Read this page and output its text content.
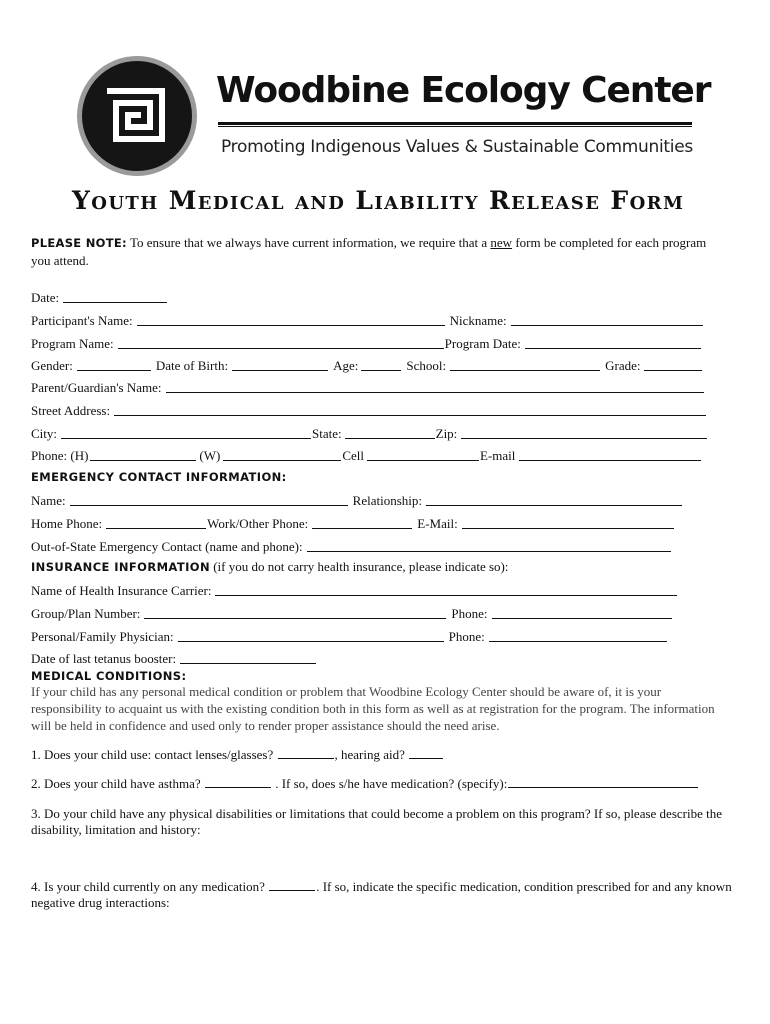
Woodbine Ecology Center
Promoting Indigenous Values & Sustainable Communities
Youth Medical and Liability Release Form
PLEASE NOTE: To ensure that we always have current information, we require that a new form be completed for each program you attend.
Date:
Participant's Name:	Nickname:
Program Name:	Program Date:
Gender:	Date of Birth:	Age:	School:	Grade:
Parent/Guardian's Name:
Street Address:
City:	State:	Zip:
Phone: (H)	(W)	Cell	E-mail
EMERGENCY CONTACT INFORMATION:
Name:	Relationship:
Home Phone:	Work/Other Phone:	E-Mail:
Out-of-State Emergency Contact (name and phone):
INSURANCE INFORMATION (if you do not carry health insurance, please indicate so):
Name of Health Insurance Carrier:
Group/Plan Number:	Phone:
Personal/Family Physician:	Phone:
Date of last tetanus booster:
MEDICAL CONDITIONS:
If your child has any personal medical condition or problem that Woodbine Ecology Center should be aware of, it is your responsibility to acquaint us with the existing condition both in this form as well as at registration for the program. The information will be held in confidence and used only to render proper assistance should the need arise.
1. Does your child use: contact lenses/glasses?	, hearing aid?
2. Does your child have asthma?	. If so, does s/he have medication? (specify):
3. Do your child have any physical disabilities or limitations that could become a problem on this program? If so, please describe the disability, limitation and history:
4. Is your child currently on any medication?	. If so, indicate the specific medication, condition prescribed for and any known negative drug interactions:
